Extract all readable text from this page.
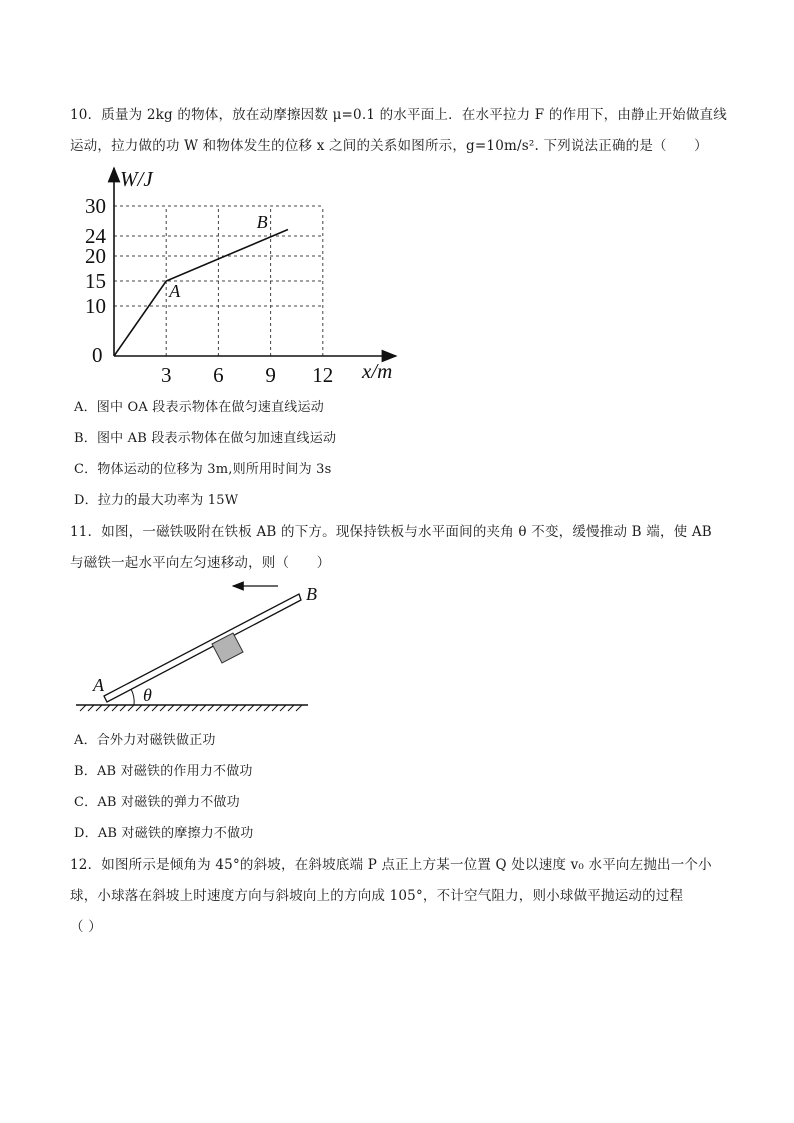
10．质量为 2kg 的物体，放在动摩擦因数 μ=0.1 的水平面上．在水平拉力 F 的作用下，由静止开始做直线
运动，拉力做的功 W 和物体发生的位移 x 之间的关系如图所示，g=10m/s². 下列说法正确的是（　　）
W/J
x/m
0
10
15
20
24
30
3 6 9 12
A
B
A．图中 OA 段表示物体在做匀速直线运动
B．图中 AB 段表示物体在做匀加速直线运动
C．物体运动的位移为 3m,则所用时间为 3s
D．拉力的最大功率为 15W
11．如图，一磁铁吸附在铁板 AB 的下方。现保持铁板与水平面间的夹角 θ 不变，缓慢推动 B 端，使 AB
与磁铁一起水平向左匀速移动，则（　　）
θ
A
B
A．合外力对磁铁做正功
B．AB 对磁铁的作用力不做功
C．AB 对磁铁的弹力不做功
D．AB 对磁铁的摩擦力不做功
12．如图所示是倾角为 45°的斜坡，在斜坡底端 P 点正上方某一位置 Q 处以速度 v₀ 水平向左抛出一个小
球，小球落在斜坡上时速度方向与斜坡向上的方向成 105°，不计空气阻力，则小球做平抛运动的过程
（ ）
